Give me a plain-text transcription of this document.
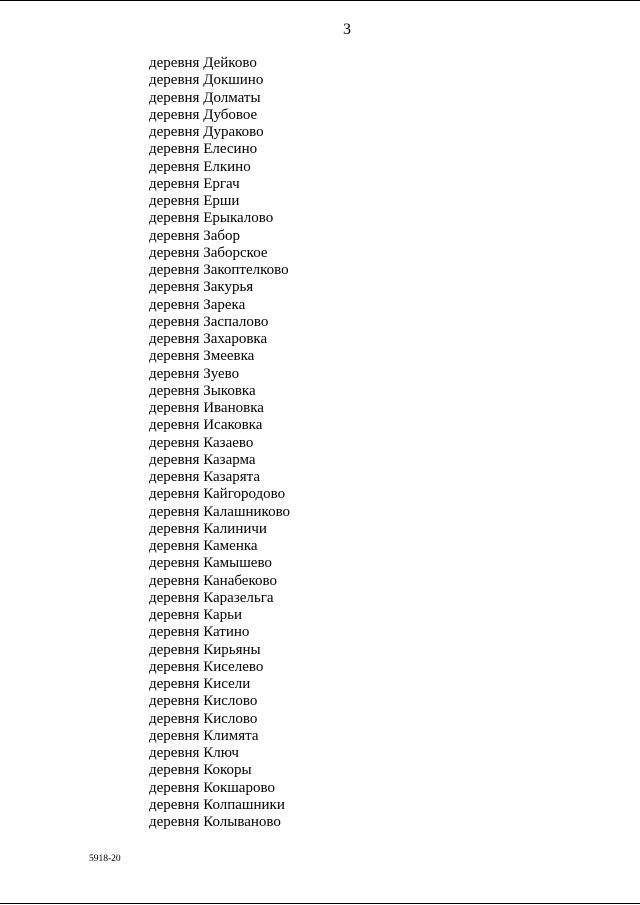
3
деревня Дейково
деревня Докшино
деревня Долматы
деревня Дубовое
деревня Дураково
деревня Елесино
деревня Елкино
деревня Ергач
деревня Ерши
деревня Ерыкалово
деревня Забор
деревня Заборское
деревня Закоптелково
деревня Закурья
деревня Зарека
деревня Заспалово
деревня Захаровка
деревня Змеевка
деревня Зуево
деревня Зыковка
деревня Ивановка
деревня Исаковка
деревня Казаево
деревня Казарма
деревня Казарята
деревня Кайгородово
деревня Калашниково
деревня Калиничи
деревня Каменка
деревня Камышево
деревня Канабеково
деревня Каразельга
деревня Карьи
деревня Катино
деревня Кирьяны
деревня Киселево
деревня Кисели
деревня Кислово
деревня Кислово
деревня Климята
деревня Ключ
деревня Кокоры
деревня Кокшарово
деревня Колпашники
деревня Колываново
5918-20
